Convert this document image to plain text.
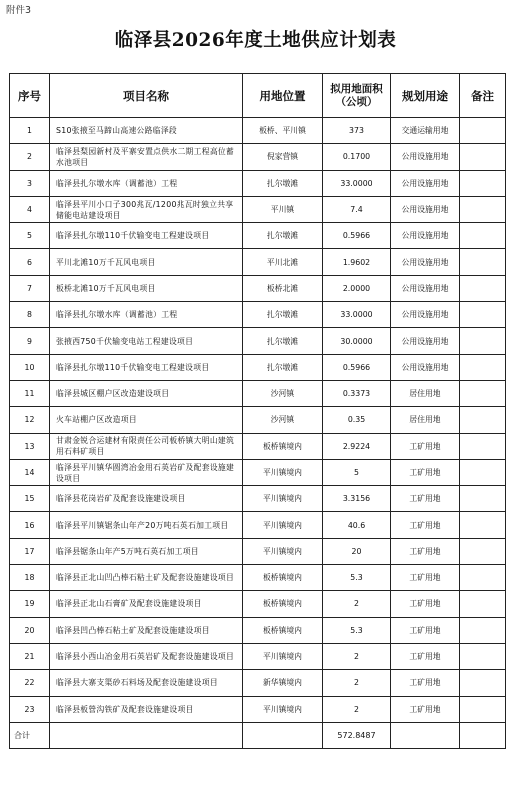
附件3
临泽县2026年度土地供应计划表
序号	项目名称	用地位置	拟用地面积（公顷）	规划用途	备注
1	S10张掖至马蹄山高速公路临泽段	板桥、平川镇	373	交通运输用地	
2	临泽县梨园新村及平寨安置点供水二期工程高位蓄水池项目	倪家营镇	0.1700	公用设施用地	
3	临泽县扎尔墩水库（调蓄池）工程	扎尔墩滩	33.0000	公用设施用地	
4	临泽县平川小口子300兆瓦/1200兆瓦时独立共享储能电站建设项目	平川镇	7.4	公用设施用地	
5	临泽县扎尔墩110千伏输变电工程建设项目	扎尔墩滩	0.5966	公用设施用地	
6	平川北滩10万千瓦风电项目	平川北滩	1.9602	公用设施用地	
7	板桥北滩10万千瓦风电项目	板桥北滩	2.0000	公用设施用地	
8	临泽县扎尔墩水库（调蓄池）工程	扎尔墩滩	33.0000	公用设施用地	
9	张掖西750千伏输变电站工程建设项目	扎尔墩滩	30.0000	公用设施用地	
10	临泽县扎尔墩110千伏输变电工程建设项目	扎尔墩滩	0.5966	公用设施用地	
11	临泽县城区棚户区改造建设项目	沙河镇	0.3373	居住用地	
12	火车站棚户区改造项目	沙河镇	0.35	居住用地	
13	甘肃金锐合运建材有限责任公司板桥镇大明山建筑用石料矿项目	板桥镇境内	2.9224	工矿用地	
14	临泽县平川镇华圆湾冶金用石英岩矿及配套设施建设项目	平川镇境内	5	工矿用地	
15	临泽县花岗岩矿及配套设施建设项目	平川镇境内	3.3156	工矿用地	
16	临泽县平川镇锯条山年产20万吨石英石加工项目	平川镇境内	40.6	工矿用地	
17	临泽县锯条山年产5万吨石英石加工项目	平川镇境内	20	工矿用地	
18	临泽县正北山凹凸棒石粘土矿及配套设施建设项目	板桥镇境内	5.3	工矿用地	
19	临泽县正北山石膏矿及配套设施建设项目	板桥镇境内	2	工矿用地	
20	临泽县凹凸棒石粘土矿及配套设施建设项目	板桥镇境内	5.3	工矿用地	
21	临泽县小西山冶金用石英岩矿及配套设施建设项目	平川镇境内	2	工矿用地	
22	临泽县大寨支渠砂石料场及配套设施建设项目	新华镇境内	2	工矿用地	
23	临泽县板營沟铁矿及配套设施建设项目	平川镇境内	2	工矿用地	
合计			572.8487		
